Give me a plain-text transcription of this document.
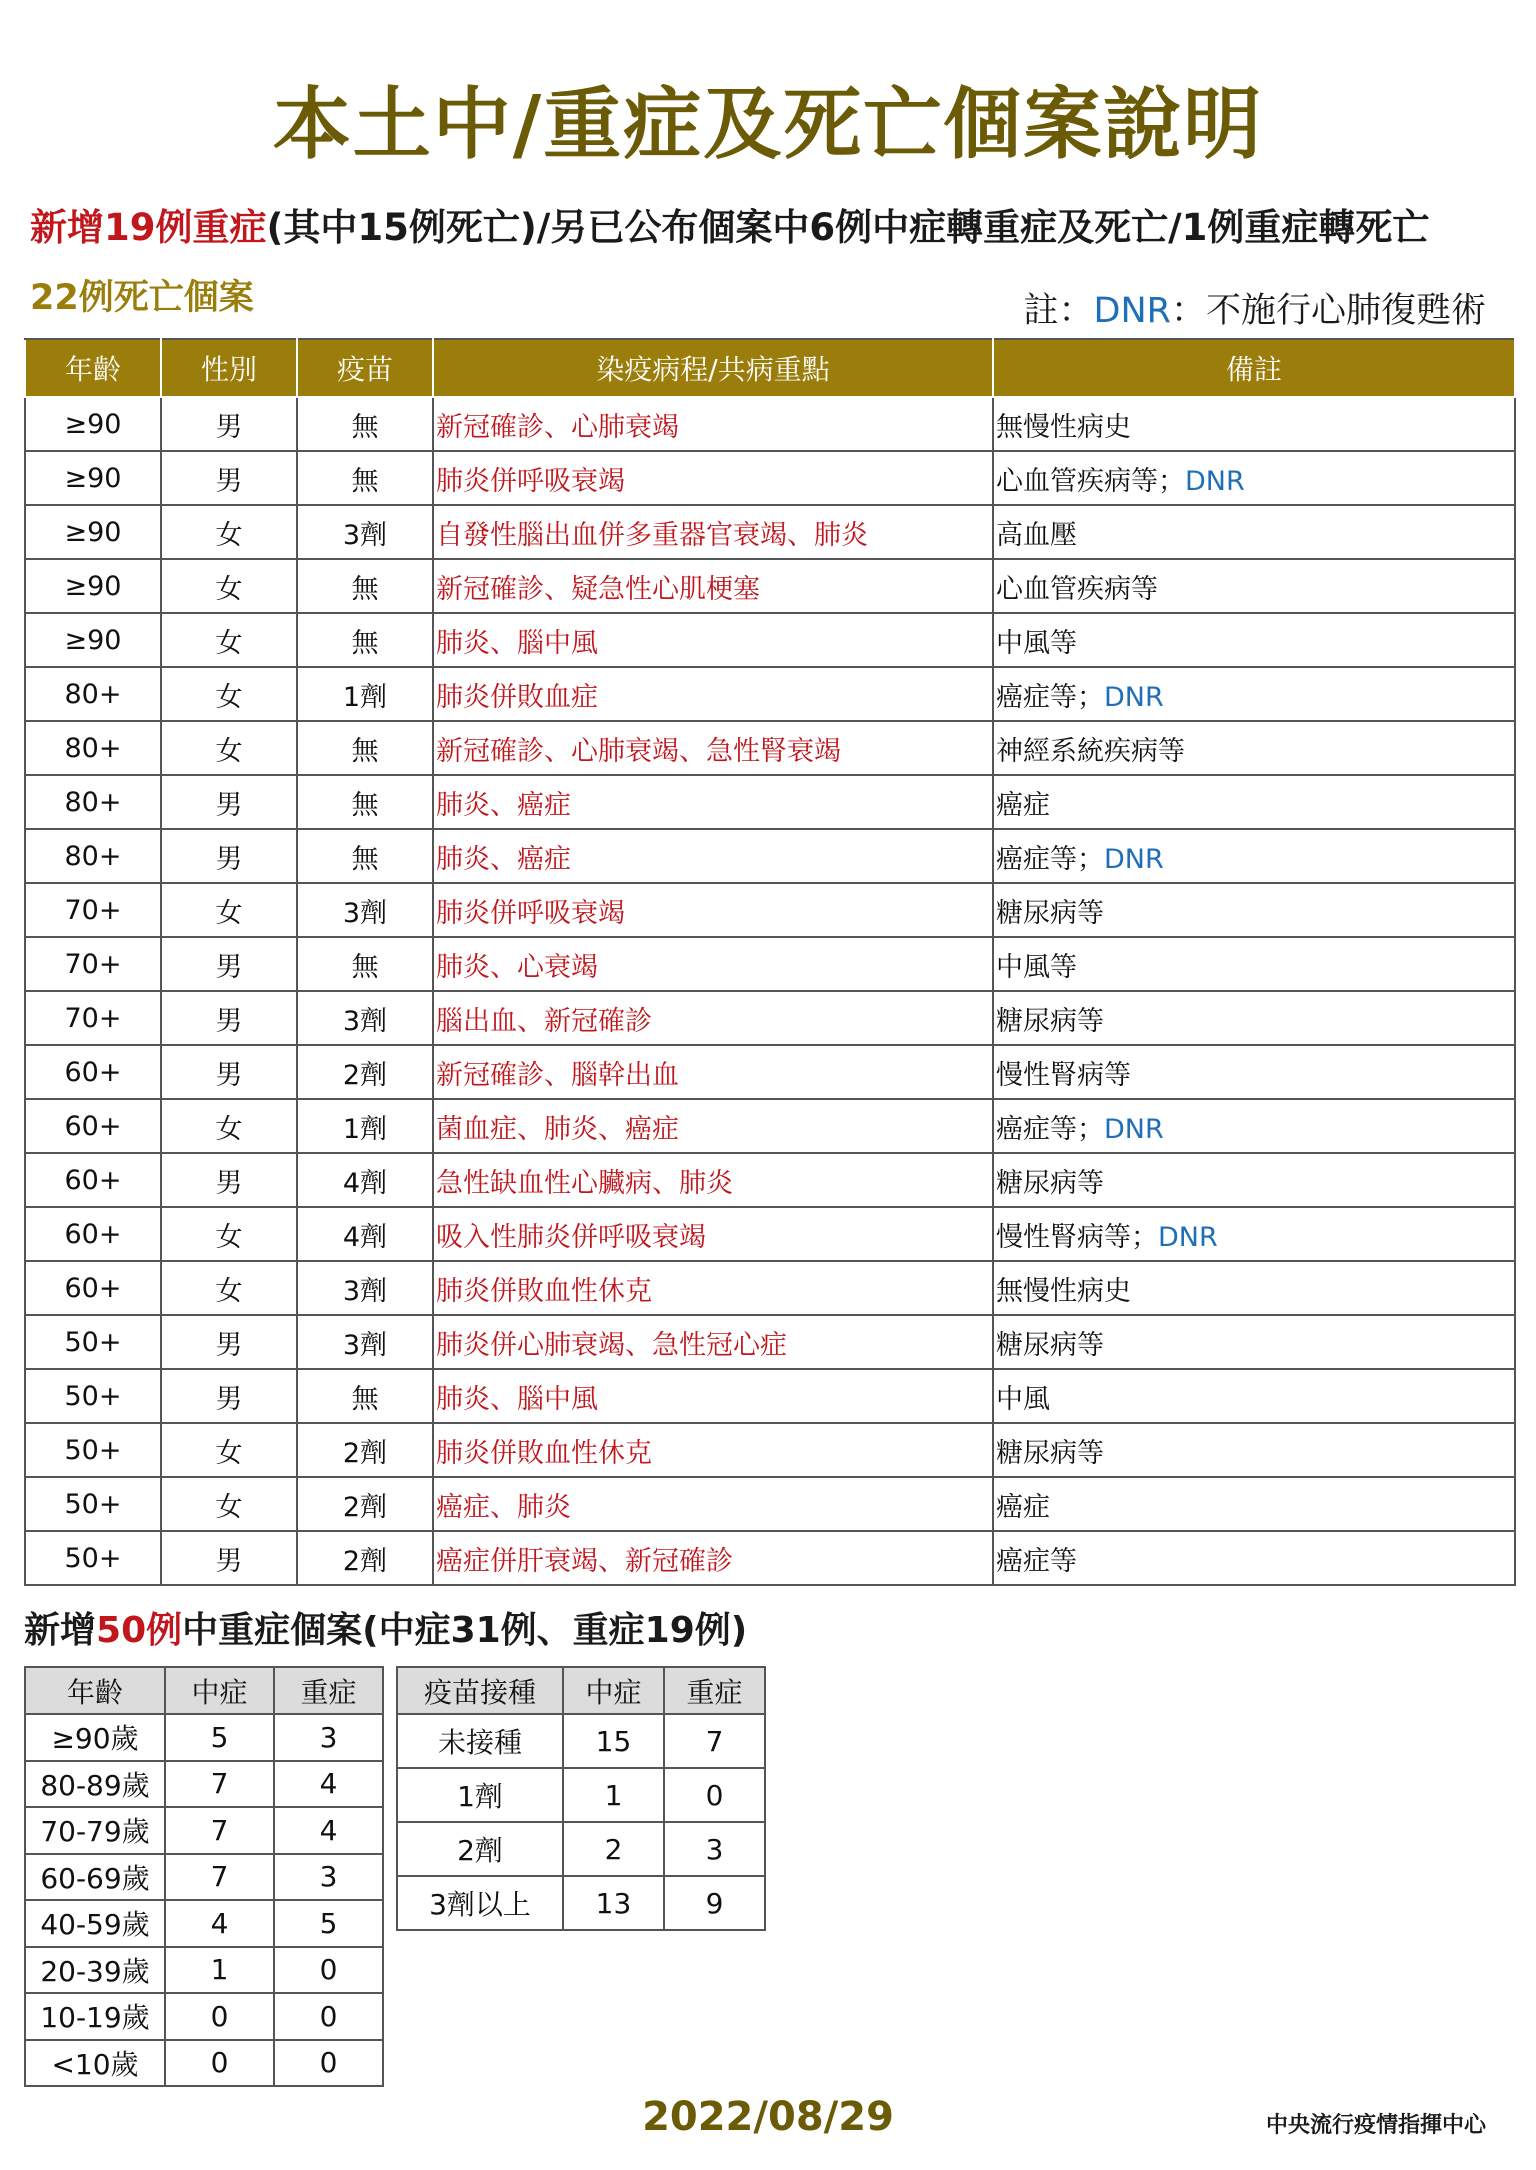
本土中/重症及死亡個案說明
新增19例重症(其中15例死亡)/另已公布個案中6例中症轉重症及死亡/1例重症轉死亡
22例死亡個案	註：DNR：不施行心肺復甦術
年齡	性別	疫苗	染疫病程/共病重點	備註
≥90	男	無	新冠確診、心肺衰竭	無慢性病史
≥90	男	無	肺炎併呼吸衰竭	心血管疾病等；DNR
≥90	女	3劑	自發性腦出血併多重器官衰竭、肺炎	高血壓
≥90	女	無	新冠確診、疑急性心肌梗塞	心血管疾病等
≥90	女	無	肺炎、腦中風	中風等
80+	女	1劑	肺炎併敗血症	癌症等；DNR
80+	女	無	新冠確診、心肺衰竭、急性腎衰竭	神經系統疾病等
80+	男	無	肺炎、癌症	癌症
80+	男	無	肺炎、癌症	癌症等；DNR
70+	女	3劑	肺炎併呼吸衰竭	糖尿病等
70+	男	無	肺炎、心衰竭	中風等
70+	男	3劑	腦出血、新冠確診	糖尿病等
60+	男	2劑	新冠確診、腦幹出血	慢性腎病等
60+	女	1劑	菌血症、肺炎、癌症	癌症等；DNR
60+	男	4劑	急性缺血性心臟病、肺炎	糖尿病等
60+	女	4劑	吸入性肺炎併呼吸衰竭	慢性腎病等；DNR
60+	女	3劑	肺炎併敗血性休克	無慢性病史
50+	男	3劑	肺炎併心肺衰竭、急性冠心症	糖尿病等
50+	男	無	肺炎、腦中風	中風
50+	女	2劑	肺炎併敗血性休克	糖尿病等
50+	女	2劑	癌症、肺炎	癌症
50+	男	2劑	癌症併肝衰竭、新冠確診	癌症等
新增50例中重症個案(中症31例、重症19例)
年齡	中症	重症
≥90歲	5	3
80-89歲	7	4
70-79歲	7	4
60-69歲	7	3
40-59歲	4	5
20-39歲	1	0
10-19歲	0	0
<10歲	0	0
疫苗接種	中症	重症
未接種	15	7
1劑	1	0
2劑	2	3
3劑以上	13	9
2022/08/29	中央流行疫情指揮中心
